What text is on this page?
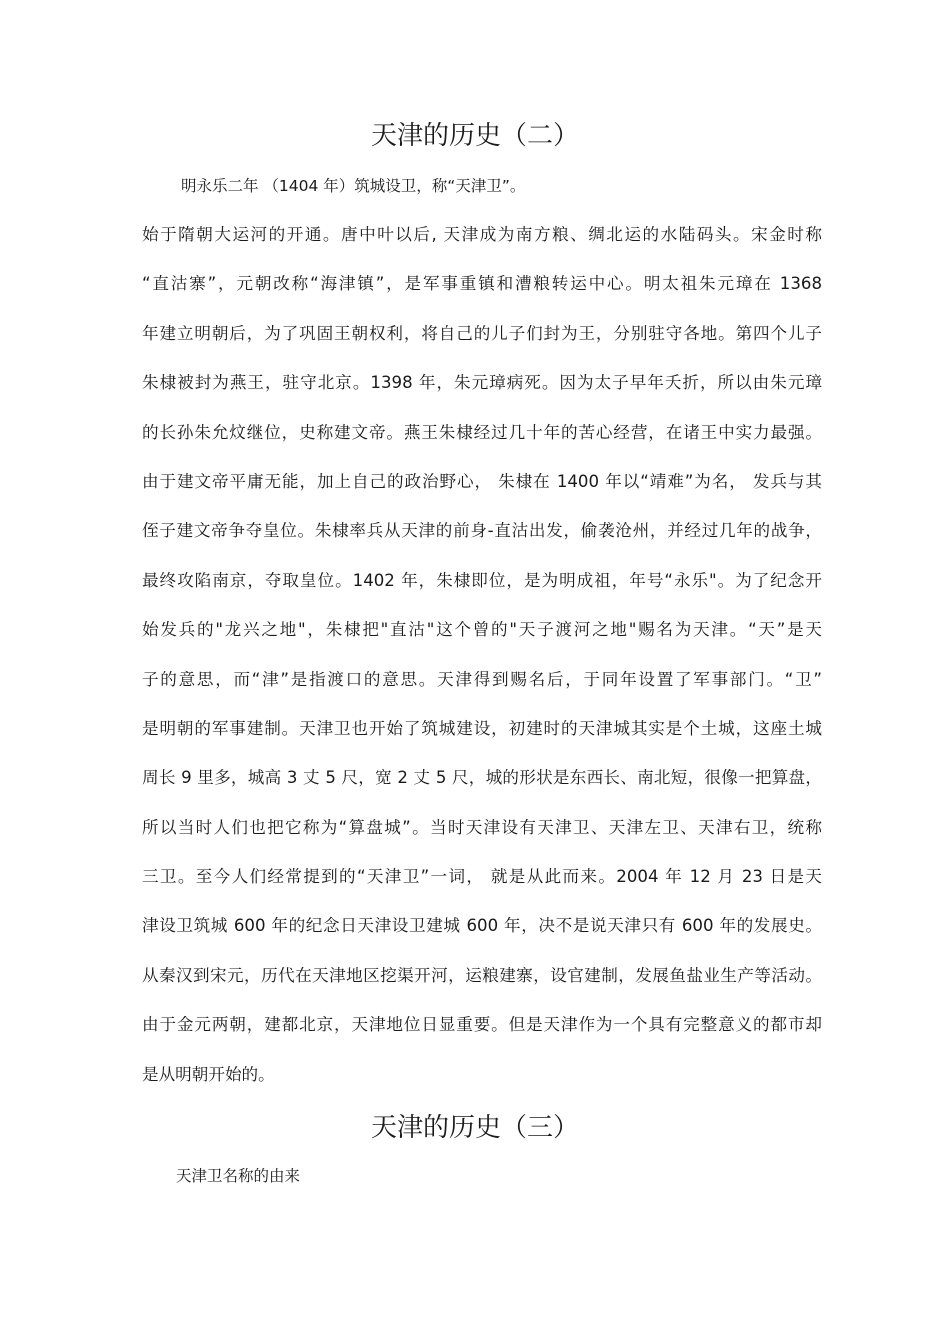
天津的历史（二）
明永乐二年 （1404 年）筑城设卫，称“天津卫”。
始于隋朝大运河的开通。唐中叶以后, 天津成为南方粮、绸北运的水陆码头。宋金时称
“直沽寨”，元朝改称“海津镇”，是军事重镇和漕粮转运中心。明太祖朱元璋在 1368
年建立明朝后，为了巩固王朝权利，将自己的儿子们封为王，分别驻守各地。第四个儿子
朱棣被封为燕王，驻守北京。1398 年，朱元璋病死。因为太子早年夭折，所以由朱元璋
的长孙朱允炆继位，史称建文帝。燕王朱棣经过几十年的苦心经营，在诸王中实力最强。
由于建文帝平庸无能，加上自己的政治野心， 朱棣在 1400 年以“靖难”为名， 发兵与其
侄子建文帝争夺皇位。朱棣率兵从天津的前身-直沽出发，偷袭沧州，并经过几年的战争，
最终攻陷南京，夺取皇位。1402 年，朱棣即位，是为明成祖，年号“永乐"。为了纪念开
始发兵的"龙兴之地"，朱棣把"直沽"这个曾的"天子渡河之地"赐名为天津。“天”是天
子的意思，而“津”是指渡口的意思。天津得到赐名后，于同年设置了军事部门。“卫”
是明朝的军事建制。天津卫也开始了筑城建设，初建时的天津城其实是个土城，这座土城
周长 9 里多，城高 3 丈 5 尺，宽 2 丈 5 尺，城的形状是东西长、南北短，很像一把算盘，
所以当时人们也把它称为“算盘城”。当时天津设有天津卫、天津左卫、天津右卫，统称
三卫。至今人们经常提到的“天津卫”一词， 就是从此而来。2004 年 12 月 23 日是天
津设卫筑城 600 年的纪念日天津设卫建城 600 年，决不是说天津只有 600 年的发展史。
从秦汉到宋元，历代在天津地区挖渠开河，运粮建寨，设官建制，发展鱼盐业生产等活动。
由于金元两朝，建都北京，天津地位日显重要。但是天津作为一个具有完整意义的都市却
是从明朝开始的。
天津的历史（三）
天津卫名称的由来
